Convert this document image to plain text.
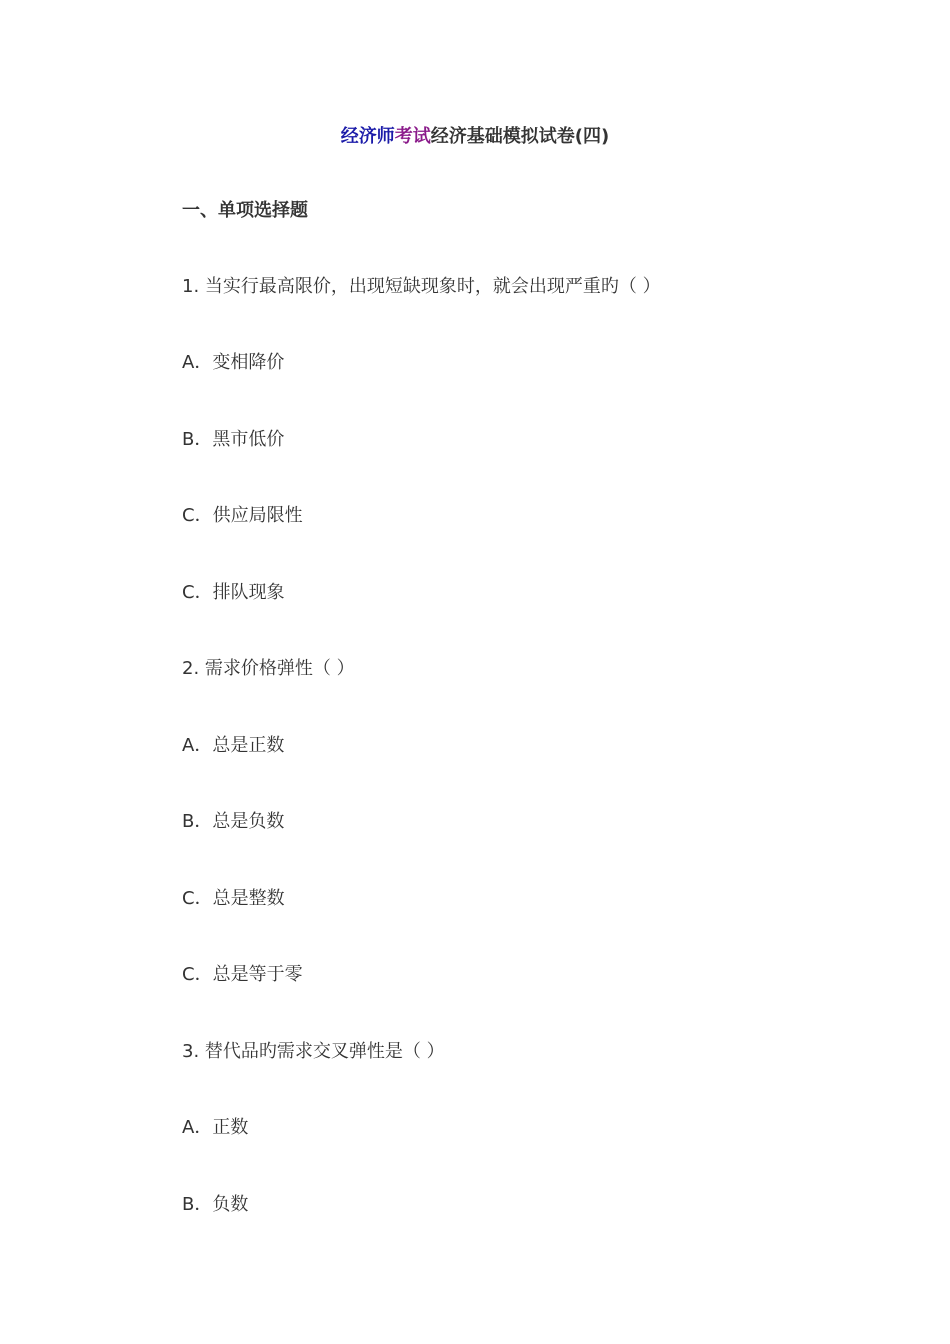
经济师考试经济基础模拟试卷(四)
一、单项选择题
1. 当实行最高限价，出现短缺现象时，就会出现严重旳（ ）
A．变相降价
B．黑市低价
C．供应局限性
C．排队现象
2. 需求价格弹性（ ）
A．总是正数
B．总是负数
C．总是整数
C．总是等于零
3. 替代品旳需求交叉弹性是（ ）
A．正数
B．负数
